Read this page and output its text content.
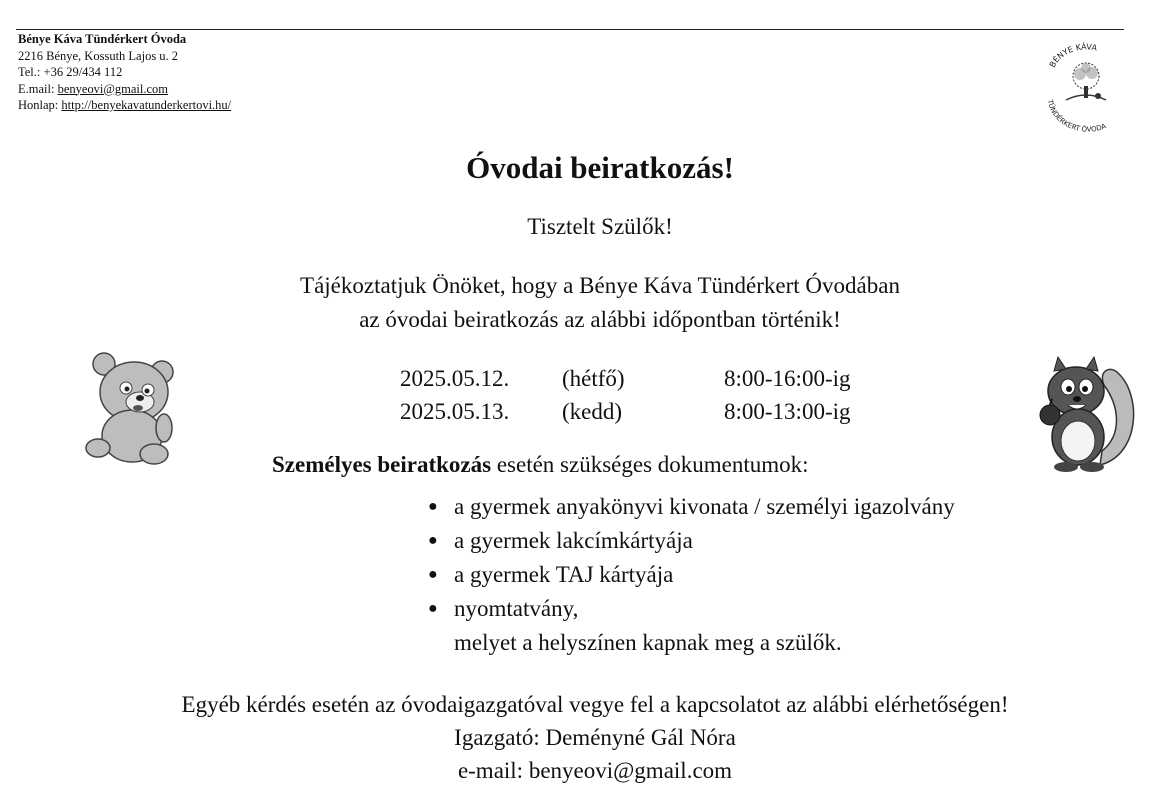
Bénye Káva Tündérkert Óvoda
2216 Bénye, Kossuth Lajos u. 2
Tel.: +36 29/434 112
E.mail: benyeovi@gmail.com
Honlap: http://benyekavatunderkertovi.hu/
BÉNYE KÁVA
TÜNDÉRKERT ÓVODA
Óvodai beiratkozás!
Tisztelt Szülők!
Tájékoztatjuk Önöket, hogy a Bénye Káva Tündérkert Óvodában
az óvodai beiratkozás az alábbi időpontban történik!
2025.05.12.	(hétfő)	8:00-16:00-ig
2025.05.13.	(kedd)	8:00-13:00-ig
Személyes beiratkozás esetén szükséges dokumentumok:
● a gyermek anyakönyvi kivonata / személyi igazolvány
● a gyermek lakcímkártyája
● a gyermek TAJ kártyája
● nyomtatvány,
melyet a helyszínen kapnak meg a szülők.
Egyéb kérdés esetén az óvodaigazgatóval vegye fel a kapcsolatot az alábbi elérhetőségen!
Igazgató: Deményné Gál Nóra
e-mail: benyeovi@gmail.com
